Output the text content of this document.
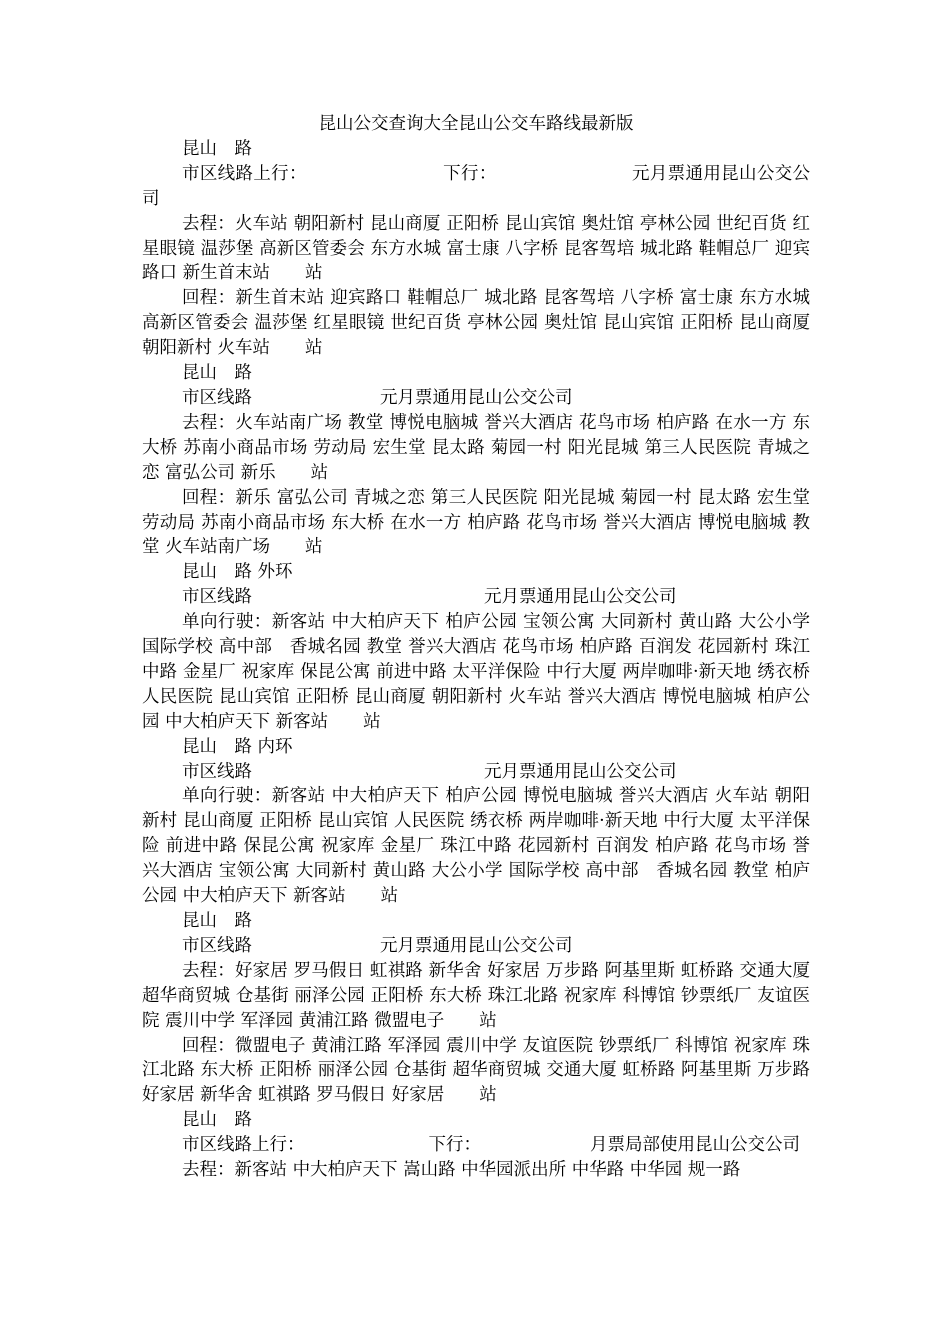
昆山公交查询大全昆山公交车路线最新版
昆山　路

市区线路上行：	下行：	元月票通用昆山公交公司

去程：火车站 朝阳新村 昆山商厦 正阳桥 昆山宾馆 奥灶馆 亭林公园 世纪百货 红星眼镜 温莎堡 高新区管委会 东方水城 富士康 八字桥 昆客驾培 城北路 鞋帽总厂 迎宾路口 新生首末站　　站

回程：新生首末站 迎宾路口 鞋帽总厂 城北路 昆客驾培 八字桥 富士康 东方水城 高新区管委会 温莎堡 红星眼镜 世纪百货 亭林公园 奥灶馆 昆山宾馆 正阳桥 昆山商厦 朝阳新村 火车站　　站

昆山　路

市区线路	元月票通用昆山公交公司

去程：火车站南广场 教堂 博悦电脑城 誉兴大酒店 花鸟市场 柏庐路 在水一方 东大桥 苏南小商品市场 劳动局 宏生堂 昆太路 菊园一村 阳光昆城 第三人民医院 青城之恋 富弘公司 新乐　　站

回程：新乐 富弘公司 青城之恋 第三人民医院 阳光昆城 菊园一村 昆太路 宏生堂 劳动局 苏南小商品市场 东大桥 在水一方 柏庐路 花鸟市场 誉兴大酒店 博悦电脑城 教堂 火车站南广场　　站

昆山　路 外环

市区线路	元月票通用昆山公交公司

单向行驶：新客站 中大柏庐天下 柏庐公园 宝领公寓 大同新村 黄山路 大公小学 国际学校 高中部　香城名园 教堂 誉兴大酒店 花鸟市场 柏庐路 百润发 花园新村 珠江中路 金星厂 祝家库 保昆公寓 前进中路 太平洋保险 中行大厦 两岸咖啡·新天地 绣衣桥 人民医院 昆山宾馆 正阳桥 昆山商厦 朝阳新村 火车站 誉兴大酒店 博悦电脑城 柏庐公园 中大柏庐天下 新客站　　站

昆山　路 内环

市区线路	元月票通用昆山公交公司

单向行驶：新客站 中大柏庐天下 柏庐公园 博悦电脑城 誉兴大酒店 火车站 朝阳新村 昆山商厦 正阳桥 昆山宾馆 人民医院 绣衣桥 两岸咖啡·新天地 中行大厦 太平洋保险 前进中路 保昆公寓 祝家库 金星厂 珠江中路 花园新村 百润发 柏庐路 花鸟市场 誉兴大酒店 宝领公寓 大同新村 黄山路 大公小学 国际学校 高中部　香城名园 教堂 柏庐公园 中大柏庐天下 新客站　　站

昆山　路

市区线路	元月票通用昆山公交公司

去程：好家居 罗马假日 虹祺路 新华舍 好家居 万步路 阿基里斯 虹桥路 交通大厦 超华商贸城 仓基街 丽泽公园 正阳桥 东大桥 珠江北路 祝家库 科博馆 钞票纸厂 友谊医院 震川中学 军泽园 黄浦江路 微盟电子　　站

回程：微盟电子 黄浦江路 军泽园 震川中学 友谊医院 钞票纸厂 科博馆 祝家库 珠江北路 东大桥 正阳桥 丽泽公园 仓基街 超华商贸城 交通大厦 虹桥路 阿基里斯 万步路 好家居 新华舍 虹祺路 罗马假日 好家居　　站

昆山　路

市区线路上行：	下行：	月票局部使用昆山公交公司

去程：新客站 中大柏庐天下 嵩山路 中华园派出所 中华路 中华园 规一路
